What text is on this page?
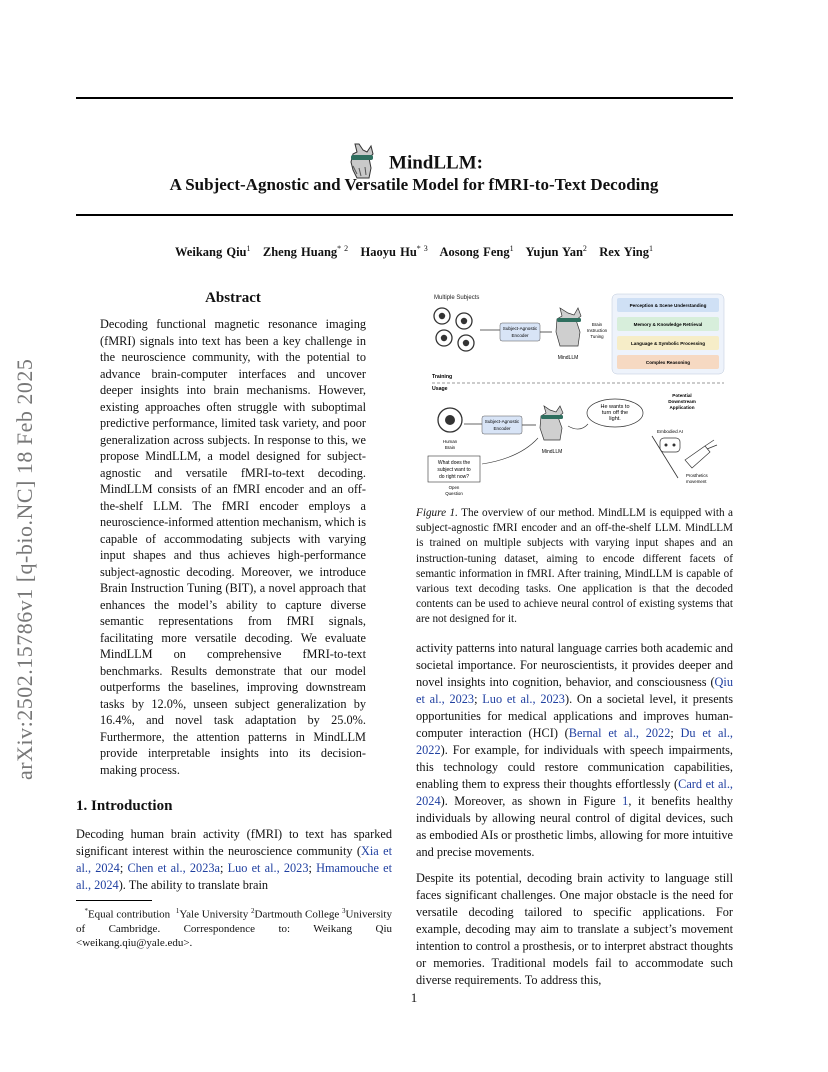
MindLLM:
A Subject-Agnostic and Versatile Model for fMRI-to-Text Decoding
Weikang Qiu$^1$ Zheng Huang$^{* 2}$ Haoyu Hu$^{* 3}$ Aosong Feng$^1$ Yujun Yan$^2$ Rex Ying$^1$
arXiv:2502.15786v1 [q-bio.NC] 18 Feb 2025
Abstract
Decoding functional magnetic resonance imaging (fMRI) signals into text has been a key challenge in the neuroscience community, with the potential to advance brain-computer interfaces and uncover deeper insights into brain mechanisms. However, existing approaches often struggle with suboptimal predictive performance, limited task variety, and poor generalization across subjects. In response to this, we propose MindLLM, a model designed for subject-agnostic and versatile fMRI-to-text decoding. MindLLM consists of an fMRI encoder and an off-the-shelf LLM. The fMRI encoder employs a neuroscience-informed attention mechanism, which is capable of accommodating subjects with varying input shapes and thus achieves high-performance subject-agnostic decoding. Moreover, we introduce Brain Instruction Tuning (BIT), a novel approach that enhances the model’s ability to capture diverse semantic representations from fMRI signals, facilitating more versatile decoding. We evaluate MindLLM on comprehensive fMRI-to-text benchmarks. Results demonstrate that our model outperforms the baselines, improving downstream tasks by 12.0%, unseen subject generalization by 16.4%, and novel task adaptation by 25.0%. Furthermore, the attention patterns in MindLLM provide interpretable insights into its decision-making process.
1. Introduction
Decoding human brain activity (fMRI) to text has sparked significant interest within the neuroscience community (Xia et al., 2024; Chen et al., 2023a; Luo et al., 2023; Hmamouche et al., 2024). The ability to translate brain
*Equal contribution $^1$Yale University $^2$Dartmouth College $^3$University of Cambridge. Correspondence to: Weikang Qiu <weikang.qiu@yale.edu>.
Multiple Subjects
Subject-Agnostic
Encoder
MindLLM
Brain
Instruction
Tuning
Perception & Scene Understanding
Memory & Knowledge Retrieval
Language & Symbolic Processing
Complex Reasoning
Training
Usage
Human
Brain
Subject-Agnostic
Encoder
MindLLM
He wants to
turn off the
light.
Potential
Downstream
Application
Embodied AI
Prosthetics
movement
What does the
subject want to
do right now?
Open
Question
Figure 1. The overview of our method. MindLLM is equipped with a subject-agnostic fMRI encoder and an off-the-shelf LLM. MindLLM is trained on multiple subjects with varying input shapes and an instruction-tuning dataset, aiming to encode different facets of semantic information in fMRI. After training, MindLLM is capable of various text decoding tasks. One application is that the decoded contents can be used to achieve neural control of existing systems that are not designed for it.

activity patterns into natural language carries both academic and societal importance. For neuroscientists, it provides deeper and novel insights into cognition, behavior, and consciousness (Qiu et al., 2023; Luo et al., 2023). On a societal level, it presents opportunities for medical applications and improves human-computer interaction (HCI) (Bernal et al., 2022; Du et al., 2022). For example, for individuals with speech impairments, this technology could restore communication capabilities, enabling them to express their thoughts effortlessly (Card et al., 2024). Moreover, as shown in Figure 1, it benefits healthy individuals by allowing neural control of digital devices, such as embodied AIs or prosthetic limbs, allowing for more intuitive and precise movements.

Despite its potential, decoding brain activity to language still faces significant challenges. One major obstacle is the need for versatile decoding tailored to specific applications. For example, decoding may aim to translate a subject’s movement intention to control a prosthesis, or to interpret abstract thoughts or memories. Traditional models fail to accommodate such diverse requirements. To address this,

1
